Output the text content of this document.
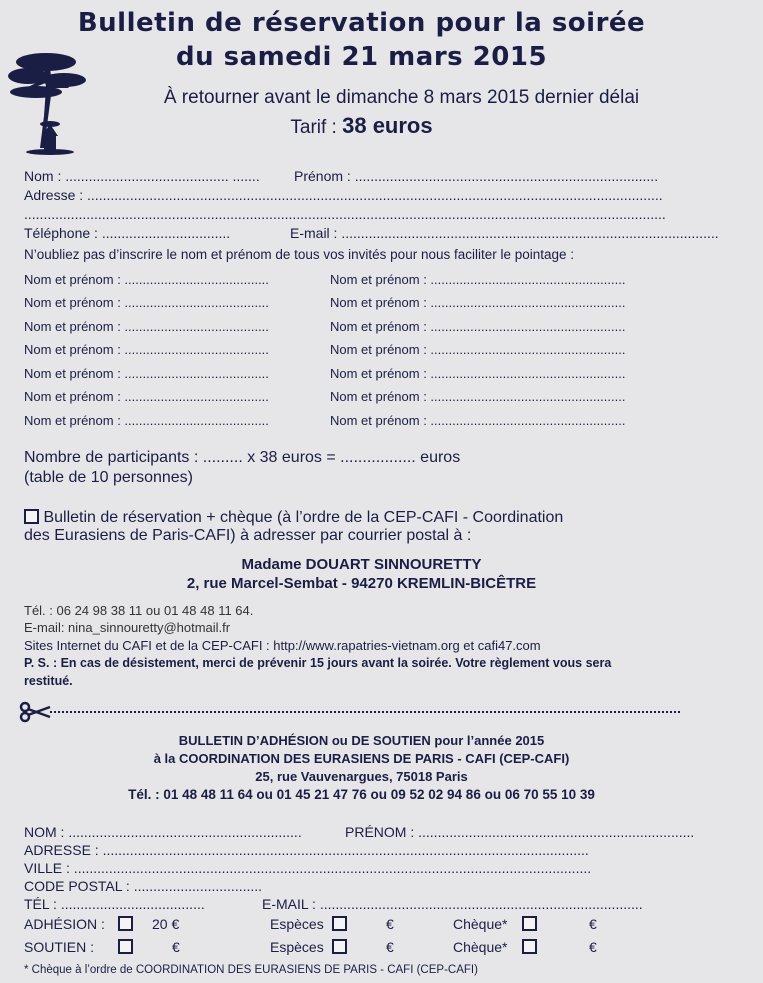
Bulletin de réservation pour la soirée
du samedi 21 mars 2015
À retourner avant le dimanche 8 mars 2015 dernier délai
Tarif : 38 euros
Nom : .......................................... ....... Prénom : ..............................................................................
Adresse : ....................................................................................................................................................
.....................................................................................................................................................................
Téléphone : .................................	E-mail : .................................................................................................
N’oubliez pas d’inscrire le nom et prénom de tous vos invités pour nous faciliter le pointage :
Nom et prénom : ........................................	Nom et prénom : ......................................................
Nom et prénom : ........................................	Nom et prénom : ......................................................
Nom et prénom : ........................................	Nom et prénom : ......................................................
Nom et prénom : ........................................	Nom et prénom : ......................................................
Nom et prénom : ........................................	Nom et prénom : ......................................................
Nom et prénom : ........................................	Nom et prénom : ......................................................
Nom et prénom : ........................................	Nom et prénom : ......................................................
Nombre de participants : ......... x 38 euros = ................. euros
(table de 10 personnes)
Bulletin de réservation + chèque (à l’ordre de la CEP-CAFI - Coordination
des Eurasiens de Paris-CAFI) à adresser par courrier postal à :
Madame DOUART SINNOURETTY
2, rue Marcel-Sembat - 94270 KREMLIN-BICÊTRE
Tél. : 06 24 98 38 11 ou 01 48 48 11 64.
E-mail: nina_sinnouretty@hotmail.fr
Sites Internet du CAFI et de la CEP-CAFI : http://www.rapatries-vietnam.org et cafi47.com
P. S. : En cas de désistement, merci de prévenir 15 jours avant la soirée. Votre règlement vous sera
restitué.
BULLETIN D’ADHÉSION ou DE SOUTIEN pour l’année 2015
à la COORDINATION DES EURASIENS DE PARIS - CAFI (CEP-CAFI)
25, rue Vauvenargues, 75018 Paris
Tél. : 01 48 48 11 64 ou 01 45 21 47 76 ou 09 52 02 94 86 ou 06 70 55 10 39
NOM : ............................................................	PRÉNOM : .......................................................................
ADRESSE : .............................................................................................................................
VILLE : .....................................................................................................................................
CODE POSTAL : .................................
TÉL : .....................................	E-MAIL : ...................................................................................
ADHÉSION :	20 €	Espèces	€	Chèque*	€
SOUTIEN :	€	Espèces	€	Chèque*	€
* Chèque à l’ordre de COORDINATION DES EURASIENS DE PARIS - CAFI (CEP-CAFI)
